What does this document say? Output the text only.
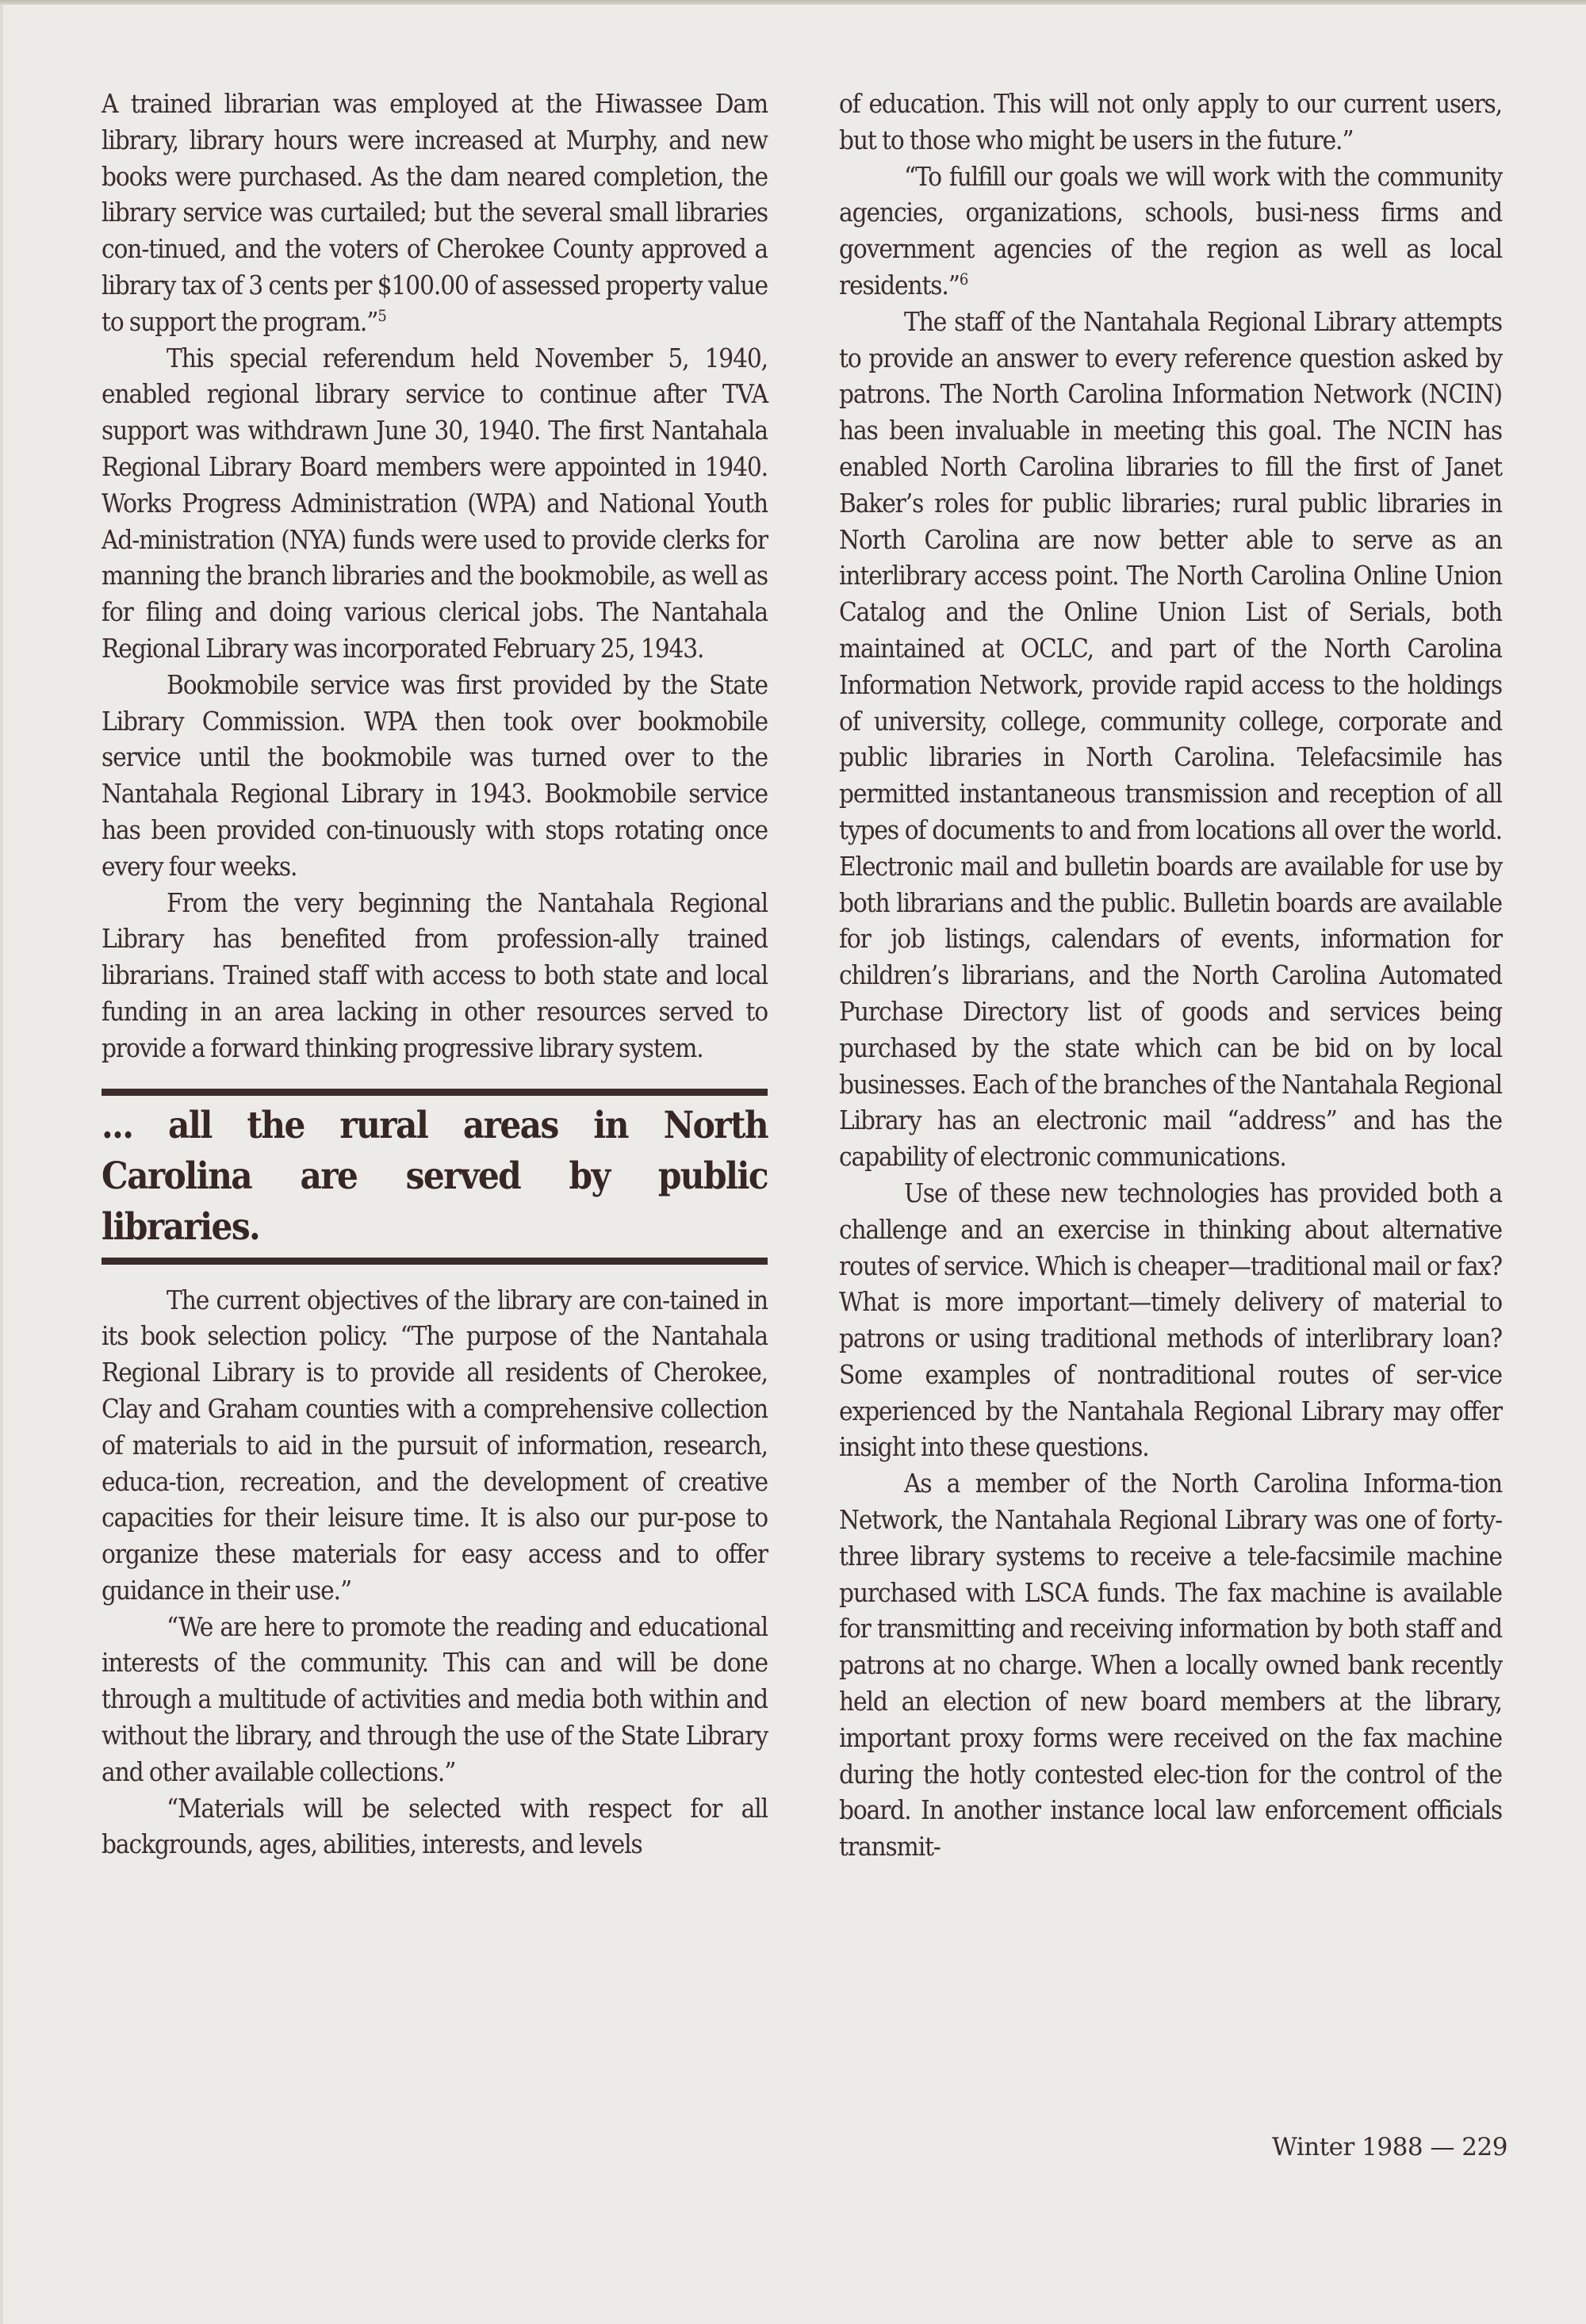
A trained librarian was employed at the Hiwassee Dam library, library hours were increased at Murphy, and new books were purchased. As the dam neared completion, the library service was curtailed; but the several small libraries con-tinued, and the voters of Cherokee County approved a library tax of 3 cents per $100.00 of assessed property value to support the program.”$^5$

This special referendum held November 5, 1940, enabled regional library service to continue after TVA support was withdrawn June 30, 1940. The first Nantahala Regional Library Board members were appointed in 1940. Works Progress Administration (WPA) and National Youth Ad-ministration (NYA) funds were used to provide clerks for manning the branch libraries and the bookmobile, as well as for filing and doing various clerical jobs. The Nantahala Regional Library was incorporated February 25, 1943.

Bookmobile service was first provided by the State Library Commission. WPA then took over bookmobile service until the bookmobile was turned over to the Nantahala Regional Library in 1943. Bookmobile service has been provided con-tinuously with stops rotating once every four weeks.

From the very beginning the Nantahala Regional Library has benefited from profession-ally trained librarians. Trained staff with access to both state and local funding in an area lacking in other resources served to provide a forward thinking progressive library system.

... all the rural areas in North Carolina are served by public libraries.

The current objectives of the library are con-tained in its book selection policy. “The purpose of the Nantahala Regional Library is to provide all residents of Cherokee, Clay and Graham counties with a comprehensive collection of materials to aid in the pursuit of information, research, educa-tion, recreation, and the development of creative capacities for their leisure time. It is also our pur-pose to organize these materials for easy access and to offer guidance in their use.”

“We are here to promote the reading and educational interests of the community. This can and will be done through a multitude of activities and media both within and without the library, and through the use of the State Library and other available collections.”

“Materials will be selected with respect for all backgrounds, ages, abilities, interests, and levels

of education. This will not only apply to our current users, but to those who might be users in the future.”

“To fulfill our goals we will work with the community agencies, organizations, schools, busi-ness firms and government agencies of the region as well as local residents.”$^6$

The staff of the Nantahala Regional Library attempts to provide an answer to every reference question asked by patrons. The North Carolina Information Network (NCIN) has been invaluable in meeting this goal. The NCIN has enabled North Carolina libraries to fill the first of Janet Baker’s roles for public libraries; rural public libraries in North Carolina are now better able to serve as an interlibrary access point. The North Carolina Online Union Catalog and the Online Union List of Serials, both maintained at OCLC, and part of the North Carolina Information Network, provide rapid access to the holdings of university, college, community college, corporate and public libraries in North Carolina. Telefacsimile has permitted instantaneous transmission and reception of all types of documents to and from locations all over the world. Electronic mail and bulletin boards are available for use by both librarians and the public. Bulletin boards are available for job listings, calendars of events, information for children’s librarians, and the North Carolina Automated Purchase Directory list of goods and services being purchased by the state which can be bid on by local businesses. Each of the branches of the Nantahala Regional Library has an electronic mail “address” and has the capability of electronic communications.

Use of these new technologies has provided both a challenge and an exercise in thinking about alternative routes of service. Which is cheaper—traditional mail or fax? What is more important—timely delivery of material to patrons or using traditional methods of interlibrary loan? Some examples of nontraditional routes of ser-vice experienced by the Nantahala Regional Library may offer insight into these questions.

As a member of the North Carolina Informa-tion Network, the Nantahala Regional Library was one of forty-three library systems to receive a tele-facsimile machine purchased with LSCA funds. The fax machine is available for transmitting and receiving information by both staff and patrons at no charge. When a locally owned bank recently held an election of new board members at the library, important proxy forms were received on the fax machine during the hotly contested elec-tion for the control of the board. In another instance local law enforcement officials transmit-

Winter 1988 — 229
